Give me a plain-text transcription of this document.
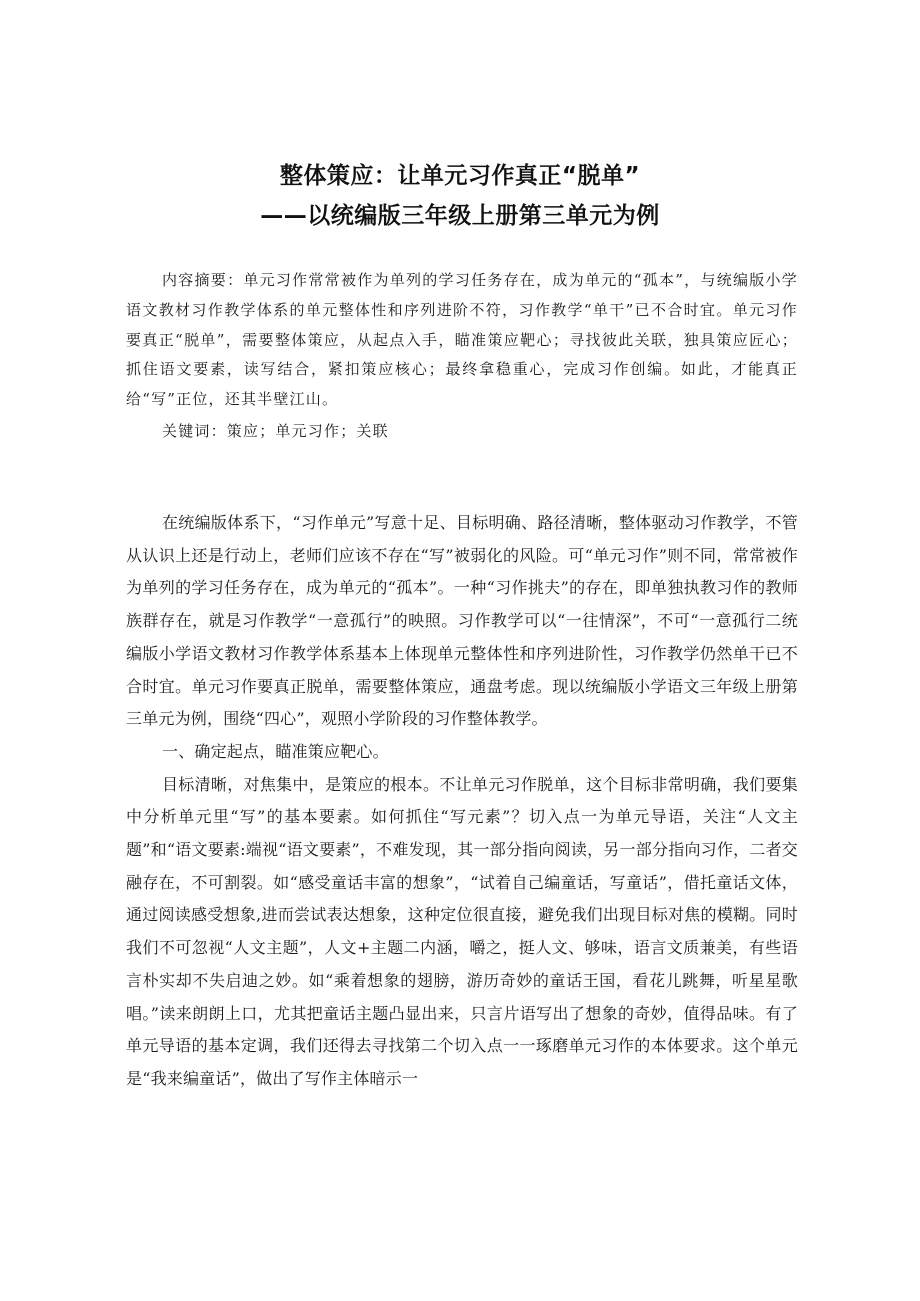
整体策应：让单元习作真正“脱单”
——以统编版三年级上册第三单元为例

内容摘要：单元习作常常被作为单列的学习任务存在，成为单元的“孤本”，与统编版小学语文教材习作教学体系的单元整体性和序列进阶不符，习作教学“单干”已不合时宜。单元习作要真正“脱单”，需要整体策应，从起点入手，瞄准策应靶心；寻找彼此关联，独具策应匠心；抓住语文要素，读写结合，紧扣策应核心；最终拿稳重心，完成习作创编。如此，才能真正给“写”正位，还其半壁江山。

关键词：策应；单元习作；关联

在统编版体系下，“习作单元”写意十足、目标明确、路径清晰，整体驱动习作教学，不管从认识上还是行动上，老师们应该不存在“写”被弱化的风险。可“单元习作”则不同，常常被作为单列的学习任务存在，成为单元的“孤本”。一种“习作挑夫”的存在，即单独执教习作的教师族群存在，就是习作教学“一意孤行”的映照。习作教学可以“一往情深”，不可“一意孤行二统编版小学语文教材习作教学体系基本上体现单元整体性和序列进阶性，习作教学仍然单干已不合时宜。单元习作要真正脱单，需要整体策应，通盘考虑。现以统编版小学语文三年级上册第三单元为例，围绕“四心”，观照小学阶段的习作整体教学。

一、确定起点，瞄准策应靶心。

目标清晰，对焦集中，是策应的根本。不让单元习作脱单，这个目标非常明确，我们要集中分析单元里“写”的基本要素。如何抓住“写元素”？切入点一为单元导语，关注“人文主题”和“语文要素:端视“语文要素”，不难发现，其一部分指向阅读，另一部分指向习作，二者交融存在，不可割裂。如“感受童话丰富的想象”，“试着自己编童话，写童话”，借托童话文体，通过阅读感受想象,进而尝试表达想象，这种定位很直接，避免我们出现目标对焦的模糊。同时我们不可忽视“人文主题”，人文+主题二内涵，嚼之，挺人文、够味，语言文质兼美，有些语言朴实却不失启迪之妙。如“乘着想象的翅膀，游历奇妙的童话王国，看花儿跳舞，听星星歌唱。”读来朗朗上口，尤其把童话主题凸显出来，只言片语写出了想象的奇妙，值得品味。有了单元导语的基本定调，我们还得去寻找第二个切入点一一琢磨单元习作的本体要求。这个单元是“我来编童话”，做出了写作主体暗示一
